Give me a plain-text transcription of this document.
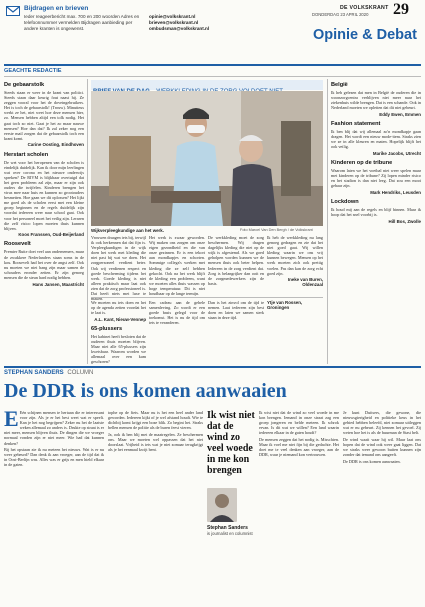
Bijdragen en brieven
Ieder reageerbericht max. 700 en 200 woorden Adres en telefoonnummer vermelden Bijdragen aanbieding per andere kranten is ongewenst.
opinie@volkskrant.nl
brieven@volkskrant.nl
ombudsman@volkskrant.nl
DE VOLKSKRANT
DONDERDAG 23 APRIL 2020 29
Opinie & Debat
GEACHTE REDACTIE
De gebaarstolk

Steeds staan er weer in de krant van politici. Steeds staan daar keurig fout naast hij. Ze zeggen vooral voor het de doveingebruikers. Het is toch de gebaarstolk! (Trouw). Minutieus werkt ze het, niet weet hoe deze mensen hier, zo. Mensen hebben altijd een tolk nodig. Het gaat toch zo niet. Gaat je het zo maar nauwe mensen? Hoe dan dat? Ik zal zeker nog een eerste mail zorgen dat de gebaarstolk toch een krant komt.

Carine Oosting, Eindhoven
Herstart scholen

De wet voor het heropenen van de scholen is eindelijk duidelijk. Kan ik door mijn leerlingen wat over corona en het nieuwe onderwijs spreken? De RIVM is blijkbaar overtuigd dat het geen probleem zal zijn, maar er zijn ook ouders die twijfelen. Kinderen brengen het virus mee naar huis en kunnen zo grootouders besmetten. Hoe gaan we dit oplossen? Het lijkt me goed als de scholen eerst met een kleine groep beginnen en de regels duidelijk zijn voordat iedereen weer naar school gaat. Ook voor het personeel moet het veilig zijn. Leraren die zelf risico lopen moeten thuis kunnen blijven.

Koos Franssen, Oud-Beijerland
Roosevelt

Premier Rutte doet veel aan ondernemers, maar de zwakkere Nederlanders staan soms in de kou. Roosevelt had het over de angst zelf. Ook nu moeten we niet bang zijn maar samen de schouders eronder zetten. Er zijn genoeg mensen die de steun hard nodig hebben.

Hans Jansen, Maastricht
Wijkverpleegkundige aan het werk.	Foto Marcel Van Den Bergh / de Volkskrant

Vrouwen draagen iets bij, terwijl ik ook herkennen dat dat fijn is. Verpleegkundigen in de wijk doen het werk met kleding die niet past bij wat we doen. Het zorgpersoneel verdient beter. Ook wij verdienen respect en goede bescherming tijdens het werk. Goede kleding is niet alleen praktisch maar laat ook zien dat de zorg professioneel is. Dat heeft niets met luxe te maken.

Het werk is zwaar geworden. Wij maken ons zorgen om onze eigen gezondheid en die van onze gezinnen. Er is een tekort aan mondkapjes en schorten. Sommige collega's werken met kleding die ze zelf hebben gekocht. Ook na het werk blijft de kleding een probleem, want we moeten alles thuis wassen op hoge temperatuur. Dit is niet houdbaar op de lange termijn.

De werkkleding moet de zorg beschermen. Wij dragen dagelijks kleding die niet op de wijk is afgestemd. Als we goed geholpen worden kunnen we de mensen thuis ook beter helpen. Iedereen in de zorg verdient dat. Zorg is belangrijker dan ooit en de zorgmedewerkers zijn de basis.

Ik heb de werkkleding nu lang genoeg gedragen en zie dat het niet goed gaat. Wij willen kleding waarin we ons vrij kunnen bewegen. Mensen op het werk moeten zich ook prettig voelen. Pas dan kan de zorg echt goed zijn.

Ineke van Buren, Oldenzaal

We moeten nu iets doen en het op de agenda zetten voordat het te laat is.

A.L. Kant, Nieuw-Vennep
65-plussers

Het kabinet heeft besloten dat de ouderen thuis moeten blijven. Maar niet alle 65-plussers zijn kwetsbaar. Waarom worden we allemaal over een kam geschoren?

Een cadeau aan de gehele samenleving. Zo wordt er een goede basis gelegd voor de toekomst. Het is nu de tijd om iets te veranderen.

Dan is het zinvol om de tijd te nemen. Laat iedereen zijn best doen en laten we samen sterk staan in deze tijd.

Ytje van Rossen, Groningen
België

Ik heb gelezen dat men in België de ouderen die in woonzorgcentra verblijven niet meer naar het ziekenhuis wilde brengen. Dat is een schande. Ook in Nederland moeten we opletten dat dit niet gebeurt.

Eddy Ewen, Emmen
Fashion statement

Ik ben blij dat wij allemaal zo'n mondkapje gaan dragen. Het wordt een nieuw mode-item. Straks zien we ze in alle kleuren en maten. Hopelijk blijft het ook veilig.

Marike Jacobs, Utrecht
Kinderen op de tribune

Waarom laten we het voetbal niet weer spelen maar met kinderen op de tribune? Zij lopen minder risico en het stadion is dan niet leeg. Dat zou een mooi gebaar zijn.

Mark Hendriks, Leusden
Lockdown

Ik houd mij aan de regels en blijf binnen. Maar ik hoop dat het snel voorbij is.

Hill Bos, Zwolle
STEPHAN SANDERS COLUMN
De DDR is ons komen aanwaaien

E Eén schijnen mensen te hertaan die er interessant voor zijn. Als je er het best weet wat er speelt. Kan je het nog begrijpen? Zeker nu het de laatste weken allemaal zo anders is. Drukte op straat is er niet meer, mensen blijven thuis. De dingen die we vroeger normaal vonden zijn er niet meer. Wie had dat kunnen denken?

Bij het opstaan zie ik nu meteen het nieuws. Wat is er nu weer gebeurd? Dan denk ik aan vroeger, aan de tijd dat ik in Oost-Berlijn was. Alles was er grijs en men hield elkaar in de gaten.

tophe op de fiets. Maar nu is het een heel ander land geworden. Iedereen kijkt of je wel afstand houdt. Wie te dichtbij komt krijgt een boze blik. Zo begint het. Straks bellen mensen de politie als de buren feest vieren.

Ja, ook ik ben blij met de maatregelen. Ze beschermen ons. Maar we moeten wel oppassen dat het niet doorslaat. Vrijheid is iets wat je niet zomaar terugkrijgt als je het eenmaal kwijt bent.

Ik wist niet dat de wind zo veel woede in me kon brengen
Stephan Sanders
is journalist en columnist

Ik wist niet dat de wind zo veel woede in me kon brengen. Iemand in onze straat zag een groep jongeren en belde meteen. Ik schrok ervan. Is dit wat we willen? Een land waarin iedereen elkaar in de gaten houdt?

De mensen zeggen dat het nodig is. Misschien. Maar ik voel me niet fijn bij die gedachte. Het doet me te veel denken aan vroeger, aan de DDR, waar je niemand kon vertrouwen.

Je kunt Duitsers, die gewone, die nieuwsgierigheid en politieke keus in het gebied hebben beleefd, niet zomaar uitleggen wat er nu gebeurt. Zij kennen het gevoel. Zij weten hoe het is als de buurman de Stasi belt.

De wind waait waar hij wil. Maar laat ons hopen dat de wind ook weer gaat liggen. Dat we straks weer gewoon buiten kunnen zijn zonder dat iemand ons aangeeft.

De DDR is ons komen aanwaaien.
